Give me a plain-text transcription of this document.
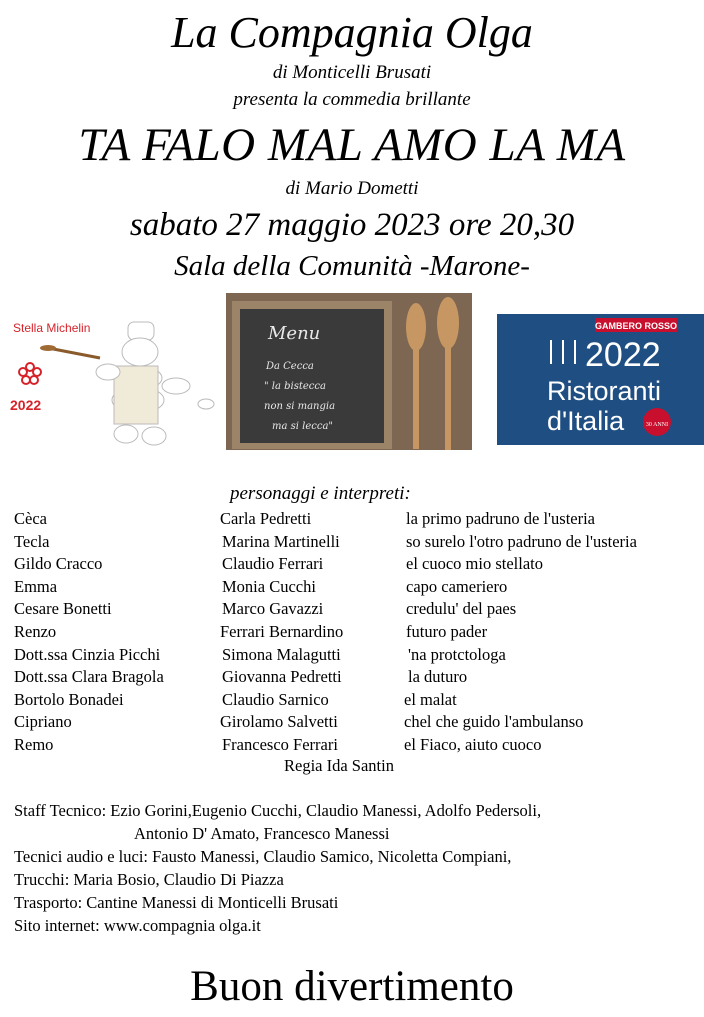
La Compagnia Olga
di Monticelli Brusati
presenta la commedia brillante
TA FALO MAL AMO LA MA
di Mario Dometti
sabato 27 maggio 2023 ore 20,30
Sala della Comunità -Marone-
Stella Michelin
2022
Menu
Da Cecca
" la bistecca
non si mangia
ma si lecca"
GAMBERO ROSSO
2022
Ristoranti
d'Italia	30 ANNI
personaggi e interpreti:
Cèca	Carla Pedretti	la primo padruno de l'usteria
Tecla	Marina Martinelli	so surelo l'otro padruno de l'usteria
Gildo Cracco	Claudio Ferrari	el cuoco mio stellato
Emma	Monia Cucchi	capo cameriero
Cesare Bonetti	Marco Gavazzi	credulu' del paes
Renzo	Ferrari Bernardino	futuro pader
Dott.ssa Cinzia Picchi	Simona Malagutti	'na protctologa
Dott.ssa Clara Bragola	Giovanna Pedretti	la duturo
Bortolo Bonadei	Claudio Sarnico	el malat
Cipriano	Girolamo Salvetti	chel che guido l'ambulanso
Remo	Francesco Ferrari	el Fiaco, aiuto cuoco
Regia Ida Santin
Staff Tecnico: Ezio Gorini,Eugenio Cucchi, Claudio Manessi, Adolfo Pedersoli,
Antonio D' Amato, Francesco Manessi
Tecnici audio e luci: Fausto Manessi, Claudio Samico, Nicoletta Compiani,
Trucchi: Maria Bosio, Claudio Di Piazza
Trasporto: Cantine Manessi di Monticelli Brusati
Sito internet: www.compagnia olga.it
Buon divertimento
